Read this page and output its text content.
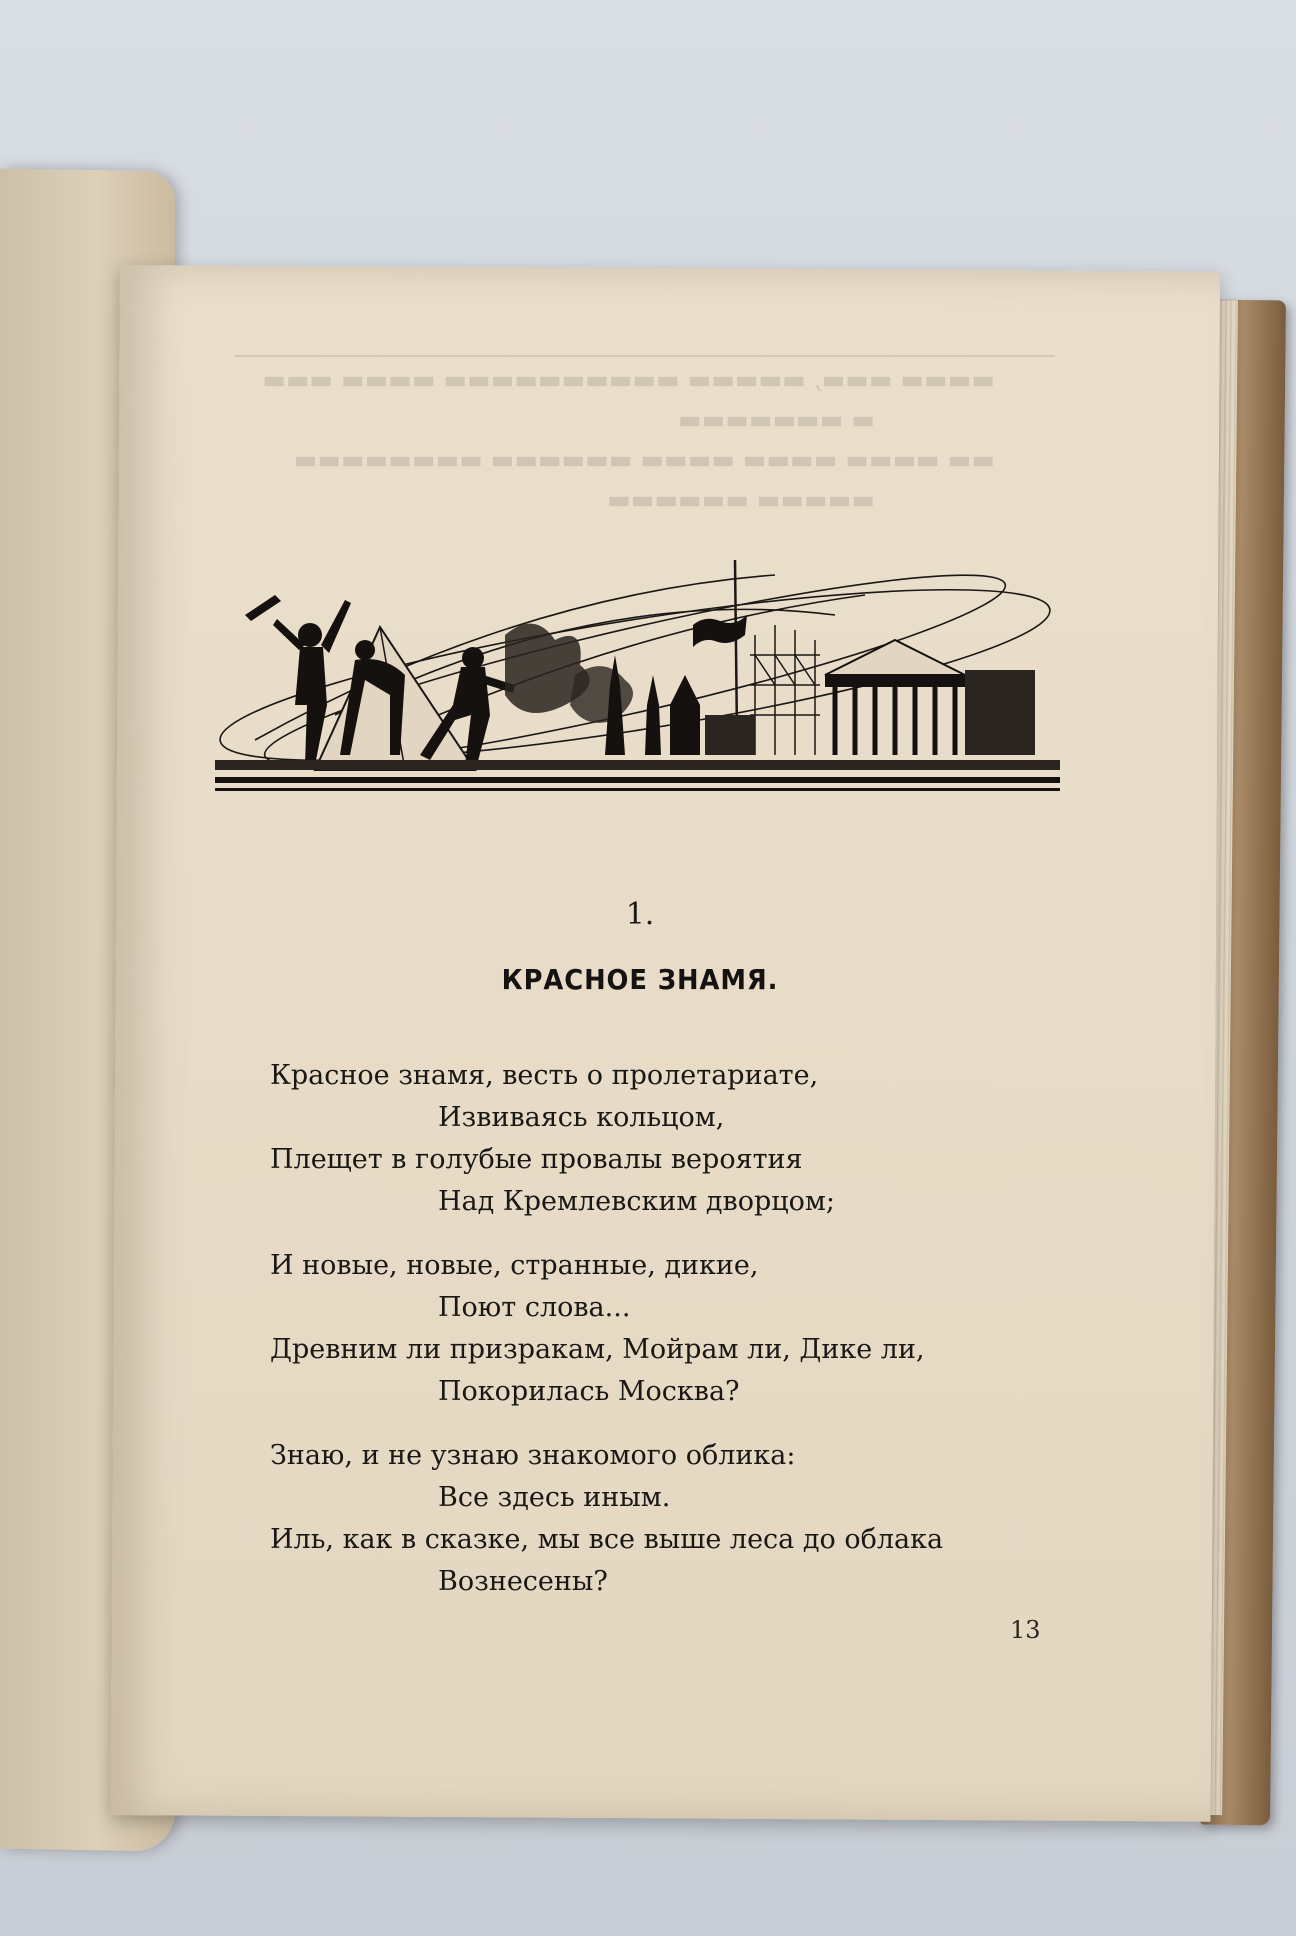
▬▬▬▬ ▬▬▬, ▬▬▬▬▬ ▬▬▬▬▬▬▬▬▬▬ ▬▬▬▬ ▬▬▬
▬ ▬▬▬▬▬▬▬
▬▬ ▬▬▬▬ ▬▬▬▬ ▬▬▬▬ ▬▬▬▬▬▬ ▬▬▬▬▬▬▬▬
▬▬▬▬▬ ▬▬▬▬▬▬
1.
КРАСНОЕ ЗНАМЯ.
Красное знамя, весть о пролетариате,
Извиваясь кольцом,
Плещет в голубые провалы вероятия
Над Кремлевским дворцом;
И новые, новые, странные, дикие,
Поют слова...
Древним ли призракам, Мойрам ли, Дике ли,
Покорилась Москва?
Знаю, и не узнаю знакомого облика:
Все здесь иным.
Иль, как в сказке, мы все выше леса до облака
Вознесены?
13
